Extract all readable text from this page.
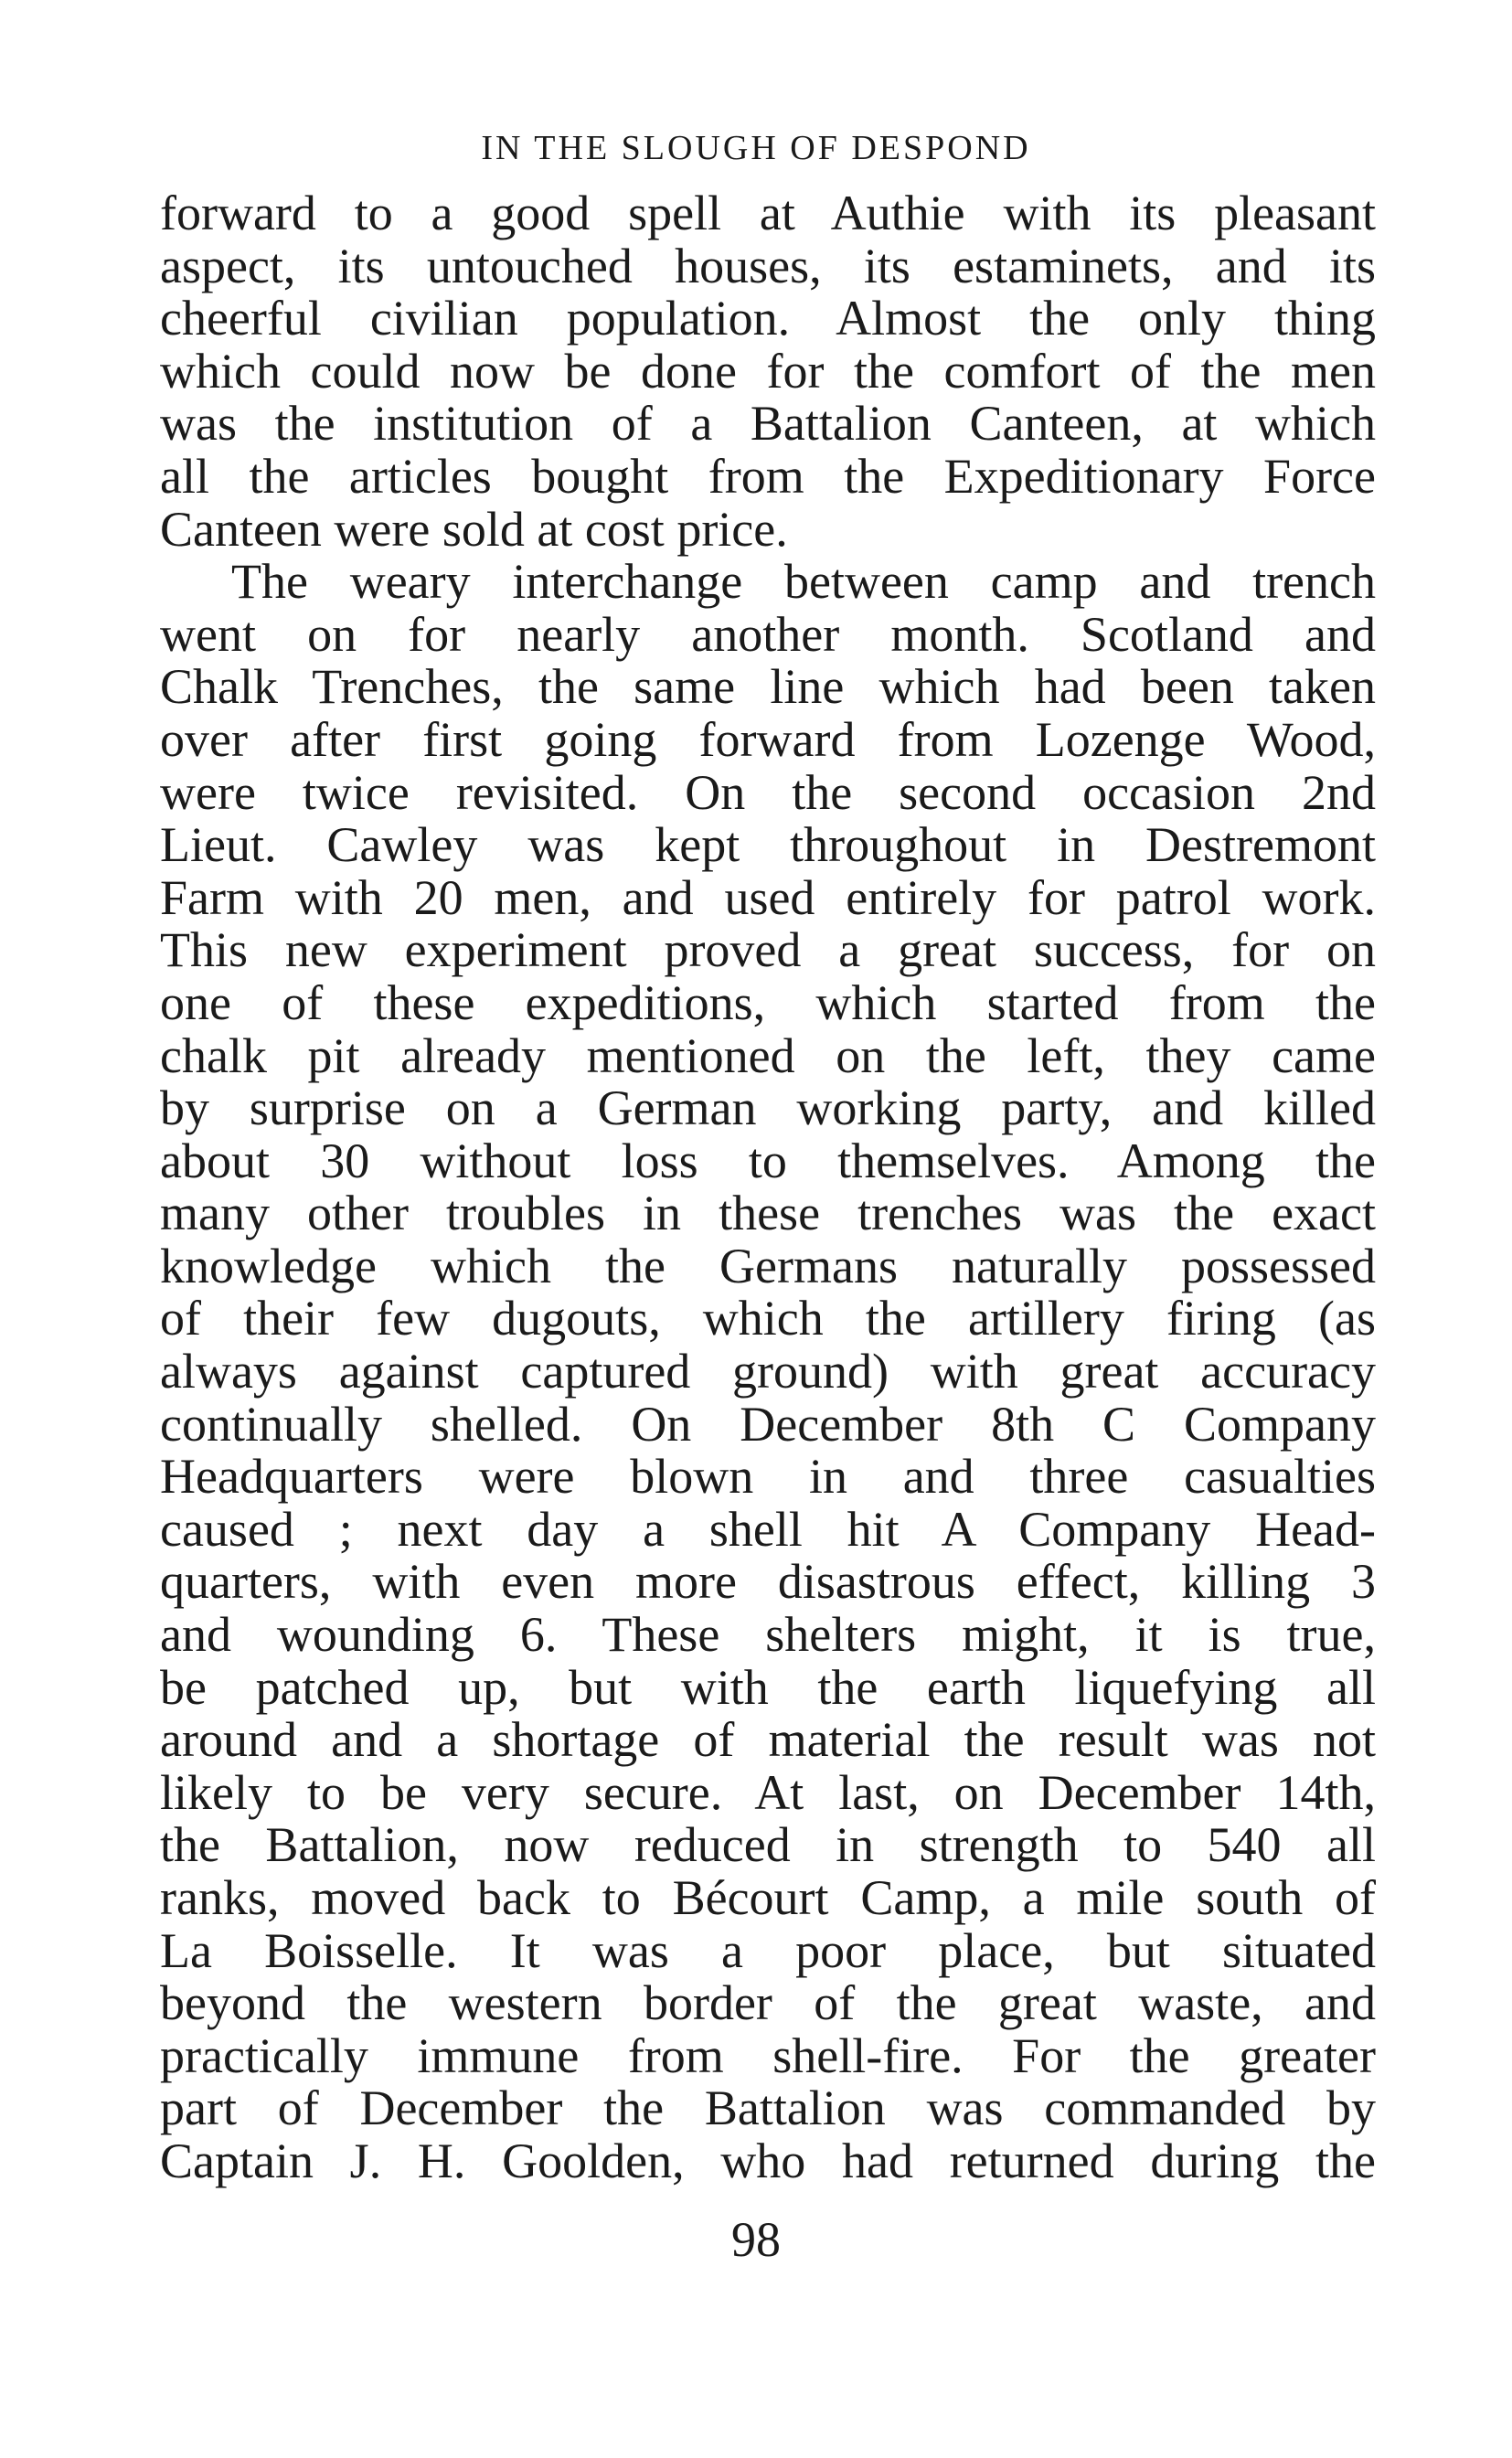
IN THE SLOUGH OF DESPOND
forward to a good spell at Authie with its pleasant
aspect, its untouched houses, its estaminets, and its
cheerful civilian population. Almost the only thing
which could now be done for the comfort of the men
was the institution of a Battalion Canteen, at which
all the articles bought from the Expeditionary Force
Canteen were sold at cost price.
The weary interchange between camp and trench
went on for nearly another month. Scotland and
Chalk Trenches, the same line which had been taken
over after first going forward from Lozenge Wood,
were twice revisited. On the second occasion 2nd
Lieut. Cawley was kept throughout in Destremont
Farm with 20 men, and used entirely for patrol work.
This new experiment proved a great success, for on
one of these expeditions, which started from the
chalk pit already mentioned on the left, they came
by surprise on a German working party, and killed
about 30 without loss to themselves. Among the
many other troubles in these trenches was the exact
knowledge which the Germans naturally possessed
of their few dugouts, which the artillery firing (as
always against captured ground) with great accuracy
continually shelled. On December 8th C Company
Headquarters were blown in and three casualties
caused ; next day a shell hit A Company Head-
quarters, with even more disastrous effect, killing 3
and wounding 6. These shelters might, it is true,
be patched up, but with the earth liquefying all
around and a shortage of material the result was not
likely to be very secure. At last, on December 14th,
the Battalion, now reduced in strength to 540 all
ranks, moved back to Bécourt Camp, a mile south of
La Boisselle. It was a poor place, but situated
beyond the western border of the great waste, and
practically immune from shell-fire. For the greater
part of December the Battalion was commanded by
Captain J. H. Goolden, who had returned during the
98
